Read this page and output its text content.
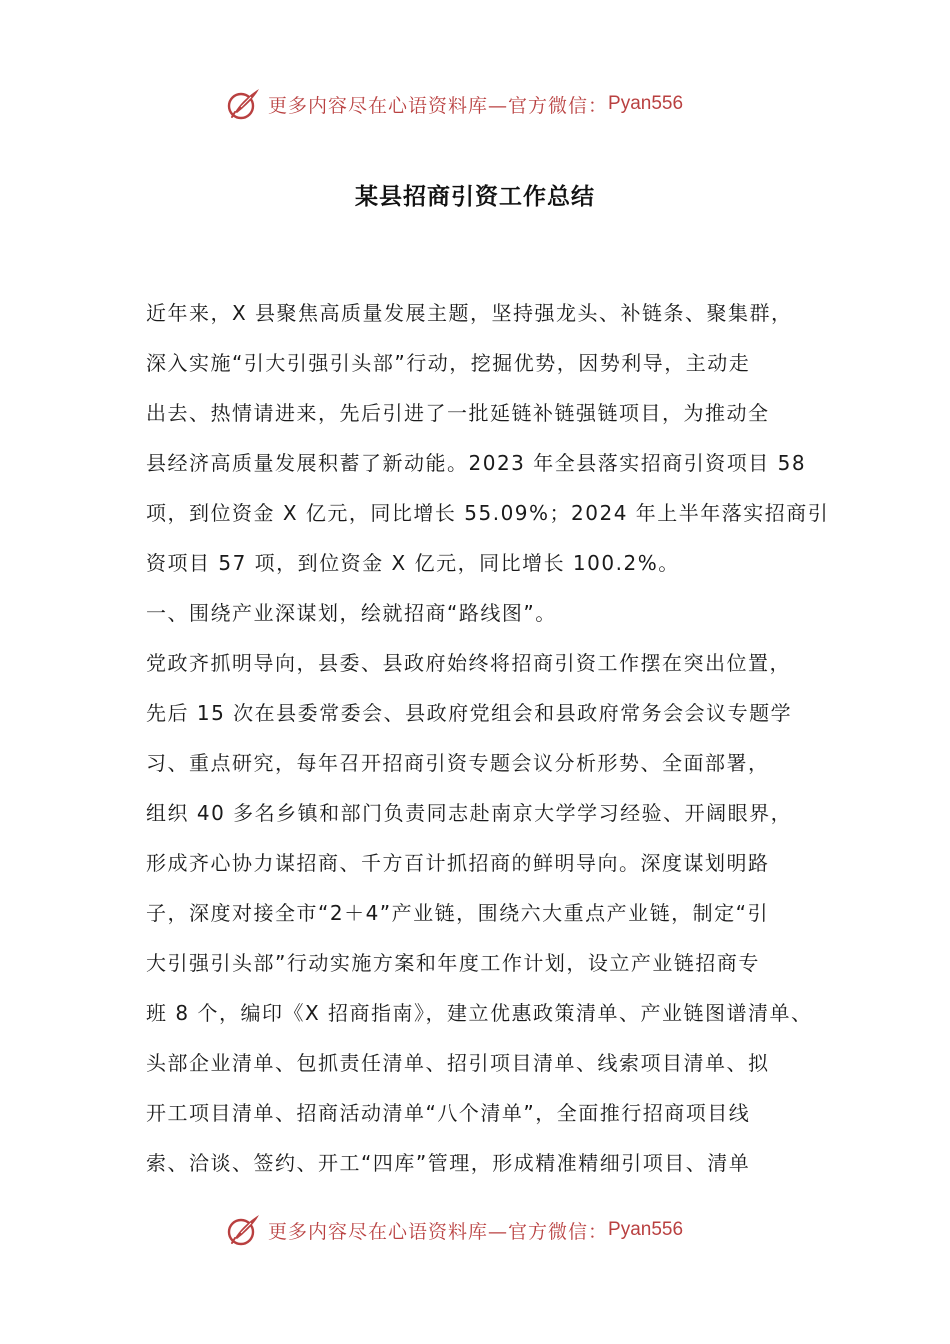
更多内容尽在心语资料库—官方微信： Pyan556
某县招商引资工作总结
近年来，X 县聚焦高质量发展主题，坚持强龙头、补链条、聚集群，
深入实施“引大引强引头部”行动，挖掘优势，因势利导，主动走
出去、热情请进来，先后引进了一批延链补链强链项目，为推动全
县经济高质量发展积蓄了新动能。2023 年全县落实招商引资项目 58
项，到位资金 X 亿元，同比增长 55.09%；2024 年上半年落实招商引
资项目 57 项，到位资金 X 亿元，同比增长 100.2%。
一、围绕产业深谋划，绘就招商“路线图”。
党政齐抓明导向，县委、县政府始终将招商引资工作摆在突出位置，
先后 15 次在县委常委会、县政府党组会和县政府常务会会议专题学
习、重点研究，每年召开招商引资专题会议分析形势、全面部署，
组织 40 多名乡镇和部门负责同志赴南京大学学习经验、开阔眼界，
形成齐心协力谋招商、千方百计抓招商的鲜明导向。深度谋划明路
子，深度对接全市“2＋4”产业链，围绕六大重点产业链，制定“引
大引强引头部”行动实施方案和年度工作计划，设立产业链招商专
班 8 个，编印《X 招商指南》，建立优惠政策清单、产业链图谱清单、
头部企业清单、包抓责任清单、招引项目清单、线索项目清单、拟
开工项目清单、招商活动清单“八个清单”，全面推行招商项目线
索、洽谈、签约、开工“四库”管理，形成精准精细引项目、清单
更多内容尽在心语资料库—官方微信： Pyan556
